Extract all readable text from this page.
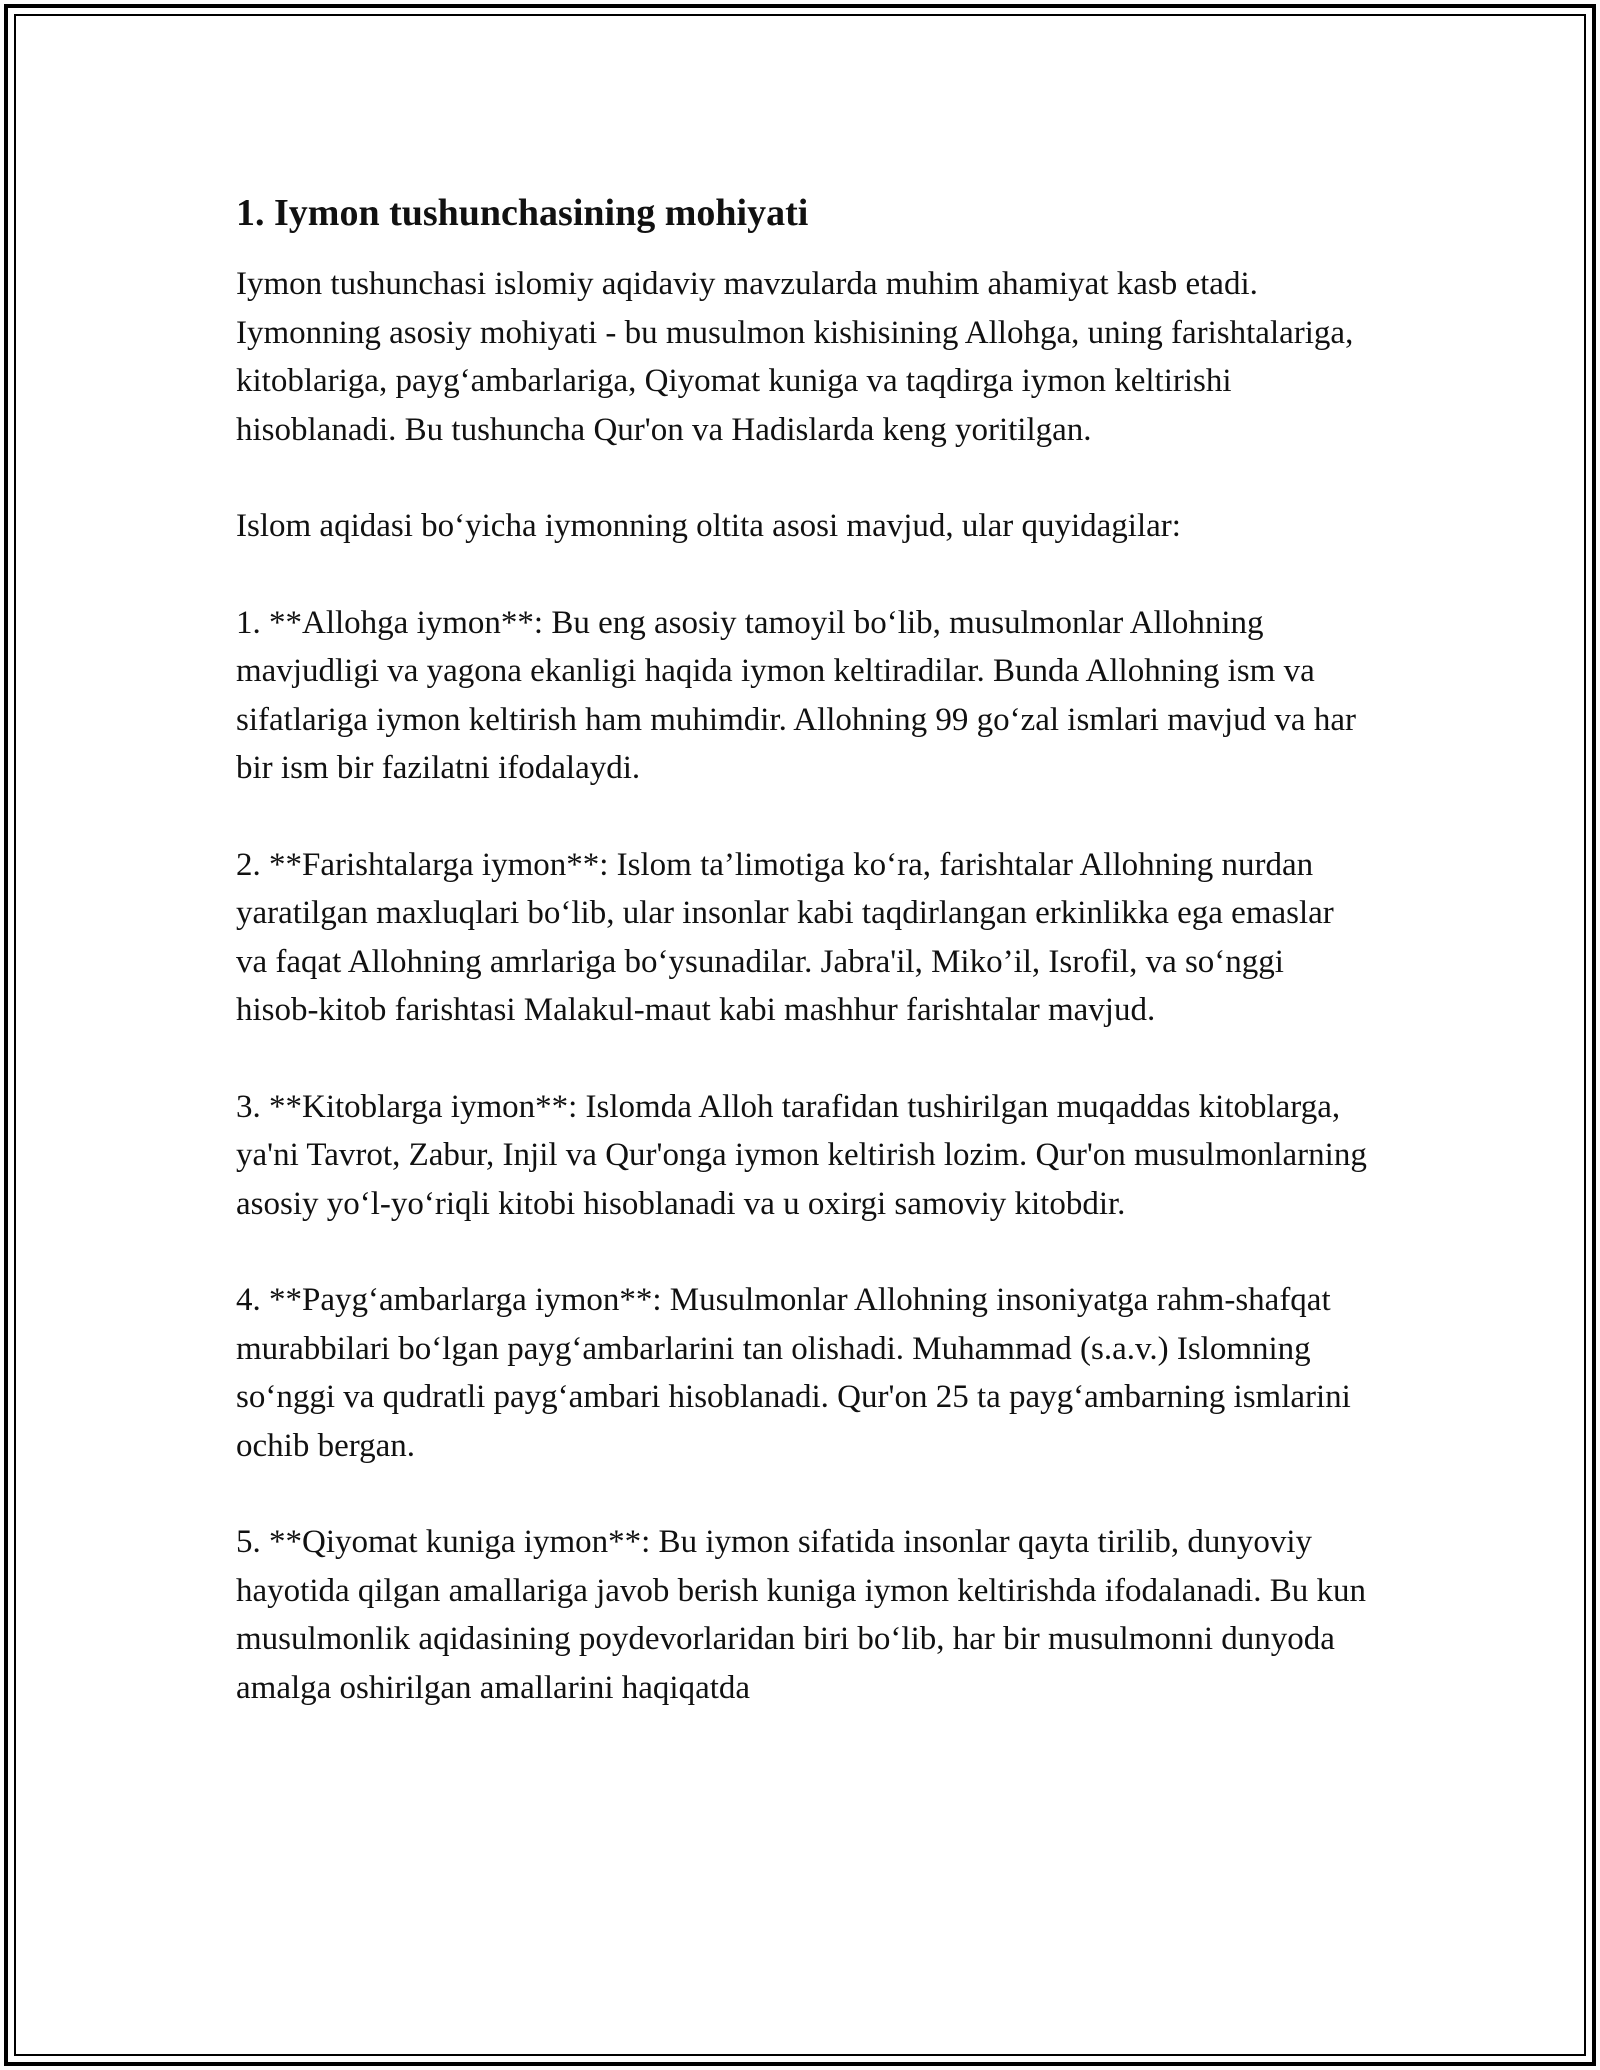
1. Iymon tushunchasining mohiyati

Iymon tushunchasi islomiy aqidaviy mavzularda muhim ahamiyat kasb etadi. Iymonning asosiy mohiyati - bu musulmon kishisining Allohga, uning farishtalariga, kitoblariga, payg‘ambarlariga, Qiyomat kuniga va taqdirga iymon keltirishi hisoblanadi. Bu tushuncha Qur'on va Hadislarda keng yoritilgan.

Islom aqidasi bo‘yicha iymonning oltita asosi mavjud, ular quyidagilar:

1. **Allohga iymon**: Bu eng asosiy tamoyil bo‘lib, musulmonlar Allohning mavjudligi va yagona ekanligi haqida iymon keltiradilar. Bunda Allohning ism va sifatlariga iymon keltirish ham muhimdir. Allohning 99 go‘zal ismlari mavjud va har bir ism bir fazilatni ifodalaydi.

2. **Farishtalarga iymon**: Islom ta’limotiga ko‘ra, farishtalar Allohning nurdan yaratilgan maxluqlari bo‘lib, ular insonlar kabi taqdirlangan erkinlikka ega emaslar va faqat Allohning amrlariga bo‘ysunadilar. Jabra'il, Miko’il, Isrofil, va so‘nggi hisob-kitob farishtasi Malakul-maut kabi mashhur farishtalar mavjud.

3. **Kitoblarga iymon**: Islomda Alloh tarafidan tushirilgan muqaddas kitoblarga, ya'ni Tavrot, Zabur, Injil va Qur'onga iymon keltirish lozim. Qur'on musulmonlarning asosiy yo‘l-yo‘riqli kitobi hisoblanadi va u oxirgi samoviy kitobdir.

4. **Payg‘ambarlarga iymon**: Musulmonlar Allohning insoniyatga rahm-shafqat murabbilari bo‘lgan payg‘ambarlarini tan olishadi. Muhammad (s.a.v.) Islomning so‘nggi va qudratli payg‘ambari hisoblanadi. Qur'on 25 ta payg‘ambarning ismlarini ochib bergan.

5. **Qiyomat kuniga iymon**: Bu iymon sifatida insonlar qayta tirilib, dunyoviy hayotida qilgan amallariga javob berish kuniga iymon keltirishda ifodalanadi. Bu kun musulmonlik aqidasining poydevorlaridan biri bo‘lib, har bir musulmonni dunyoda amalga oshirilgan amallarini haqiqatda
